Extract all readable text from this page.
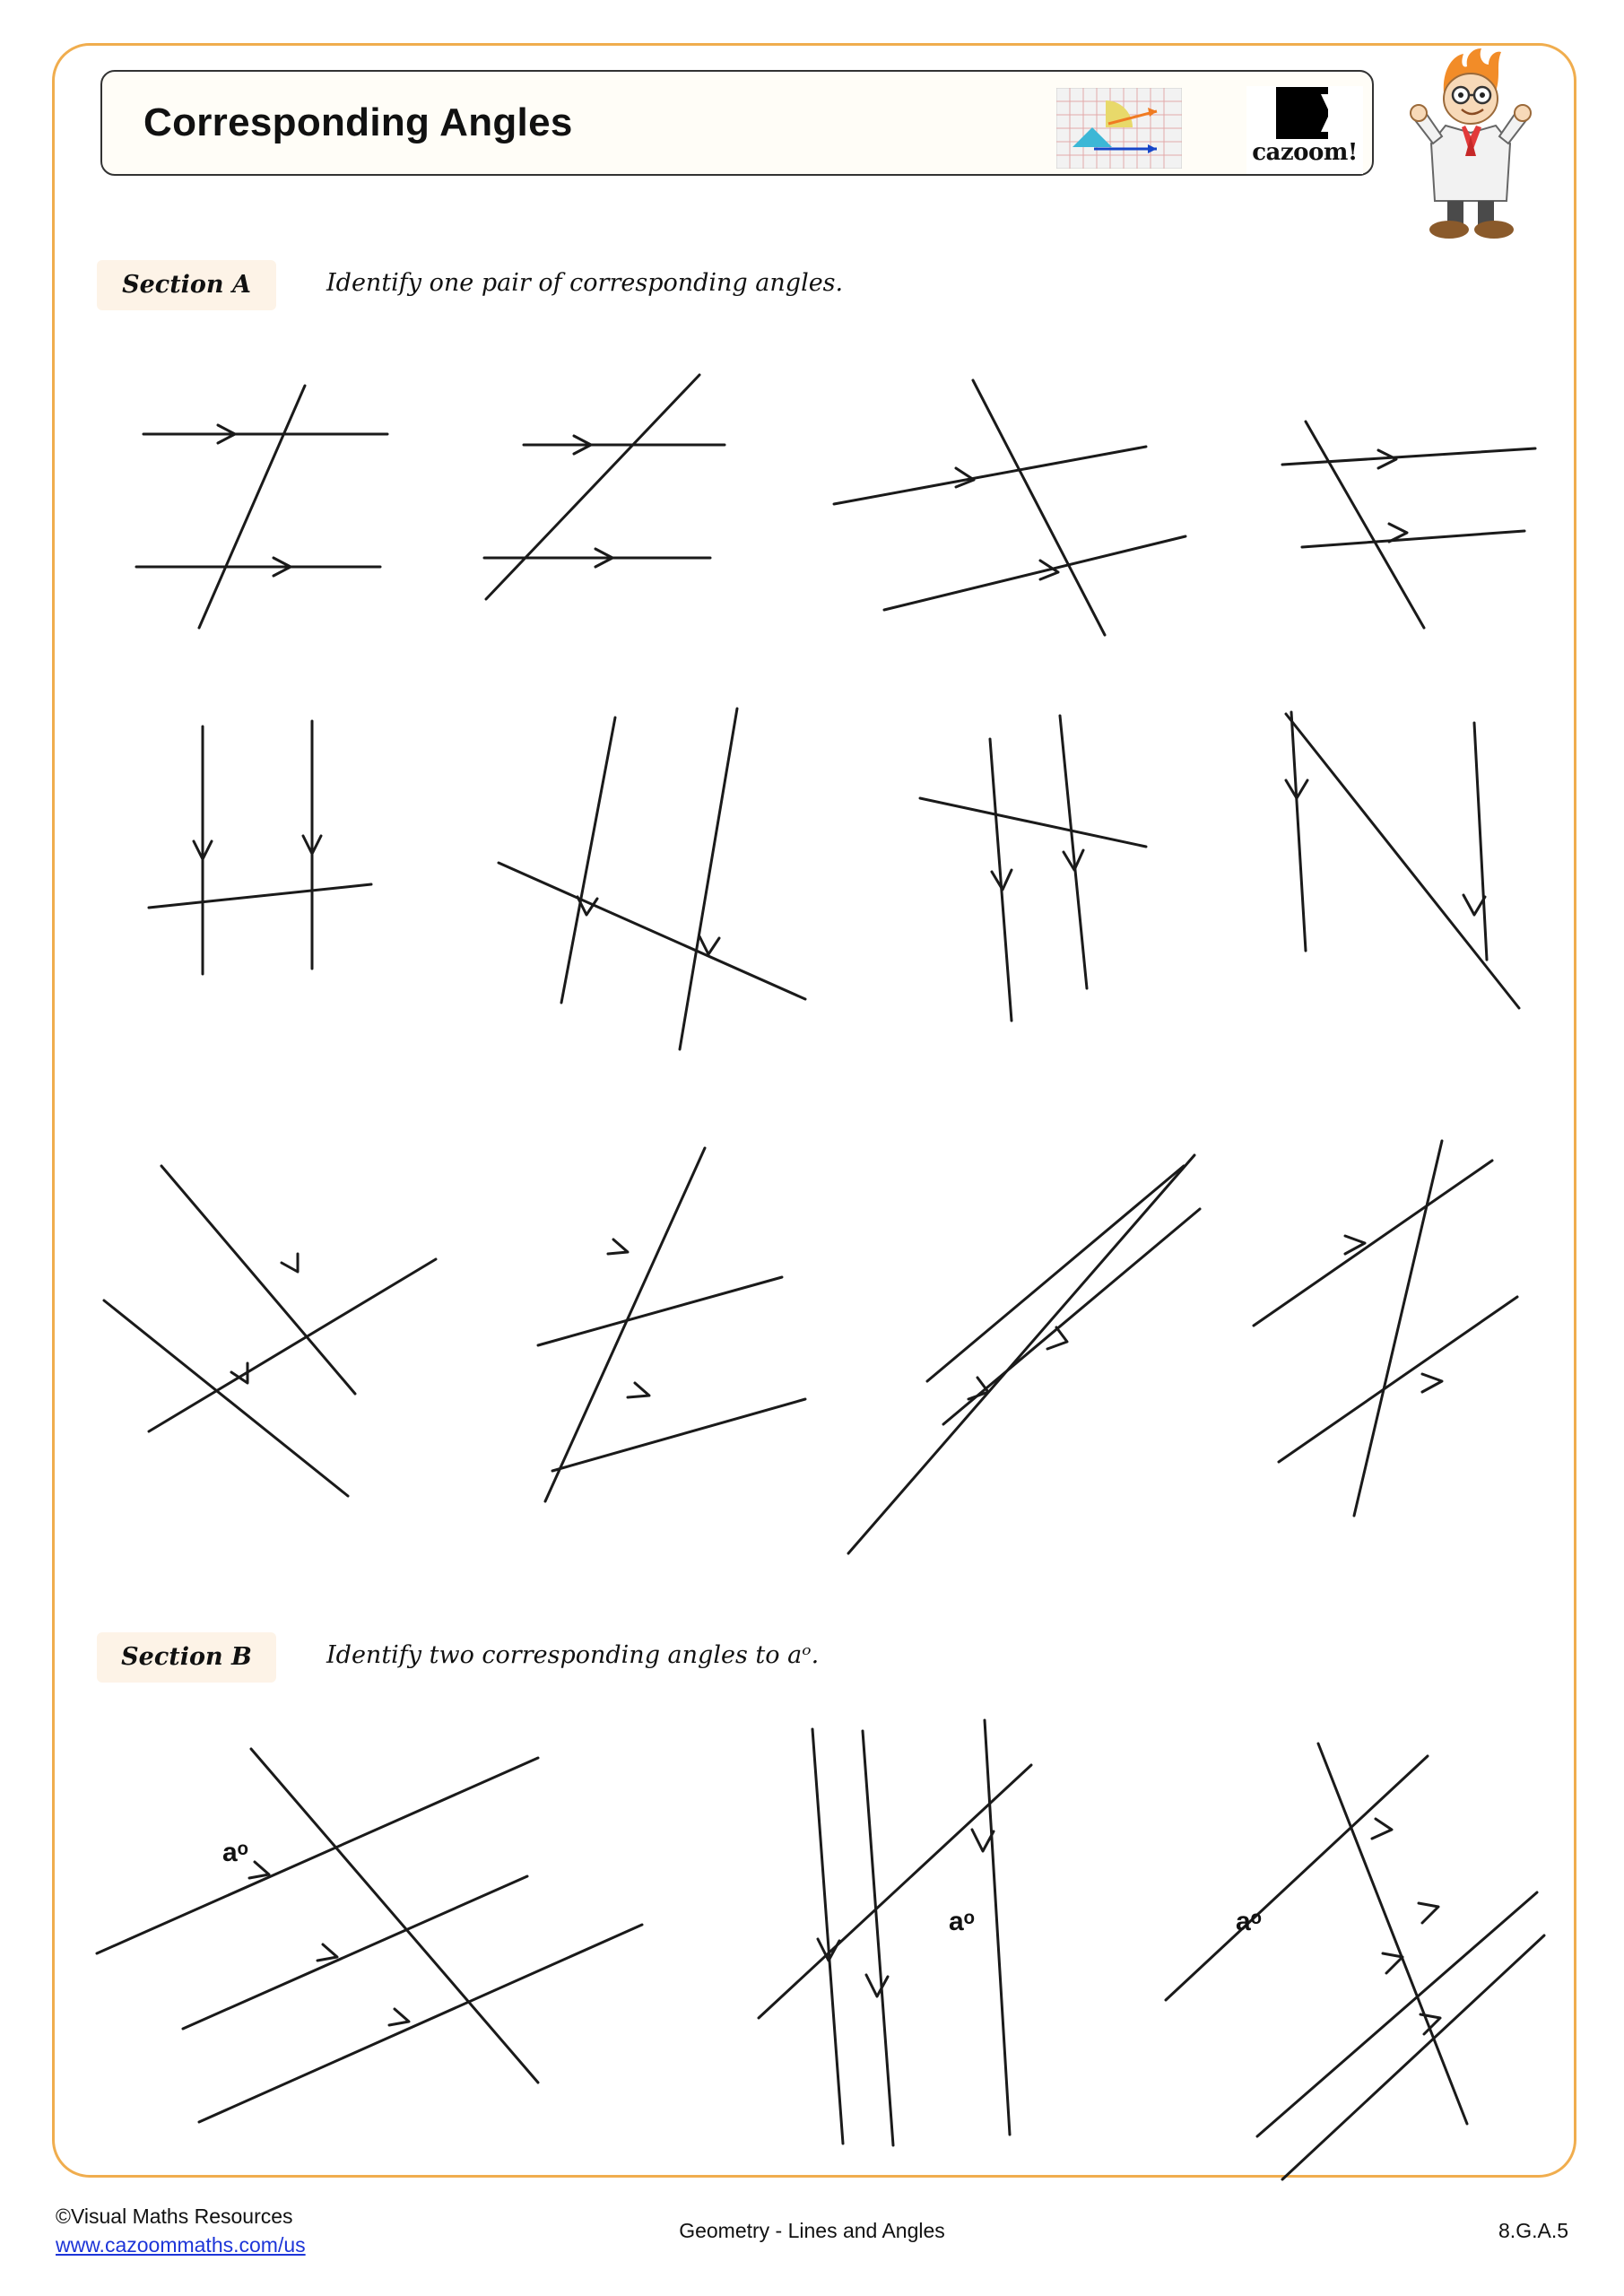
Corresponding Angles
cazoom!
Section A	Identify one pair of corresponding angles.
Section B	Identify two corresponding angles to aᵒ.
aᵒ
aᵒ	aᵒ
©Visual Maths Resources
www.cazoommaths.com/us
Geometry - Lines and Angles	8.G.A.5
